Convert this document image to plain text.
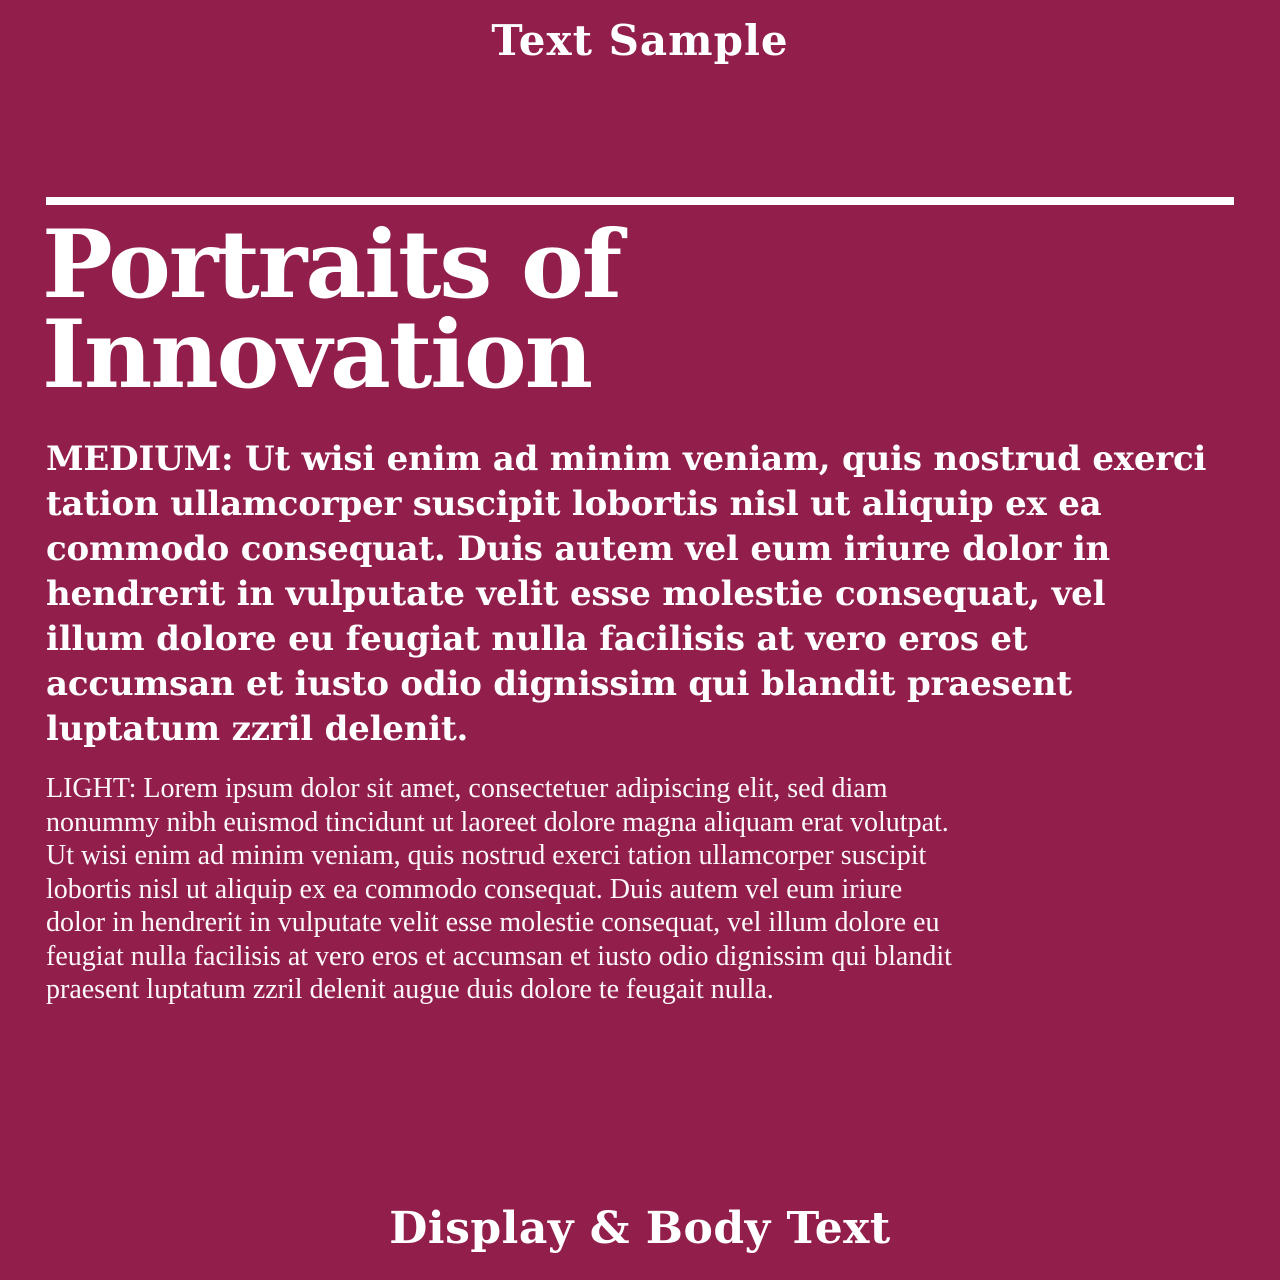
Text Sample
Portraits of
Innovation
MEDIUM: Ut wisi enim ad minim veniam, quis nostrud exerci
tation ullamcorper suscipit lobortis nisl ut aliquip ex ea
commodo consequat. Duis autem vel eum iriure dolor in
hendrerit in vulputate velit esse molestie consequat, vel
illum dolore eu feugiat nulla facilisis at vero eros et
accumsan et iusto odio dignissim qui blandit praesent
luptatum zzril delenit.
LIGHT: Lorem ipsum dolor sit amet, consectetuer adipiscing elit, sed diam
nonummy nibh euismod tincidunt ut laoreet dolore magna aliquam erat volutpat.
Ut wisi enim ad minim veniam, quis nostrud exerci tation ullamcorper suscipit
lobortis nisl ut aliquip ex ea commodo consequat. Duis autem vel eum iriure
dolor in hendrerit in vulputate velit esse molestie consequat, vel illum dolore eu
feugiat nulla facilisis at vero eros et accumsan et iusto odio dignissim qui blandit
praesent luptatum zzril delenit augue duis dolore te feugait nulla.
Display & Body Text
